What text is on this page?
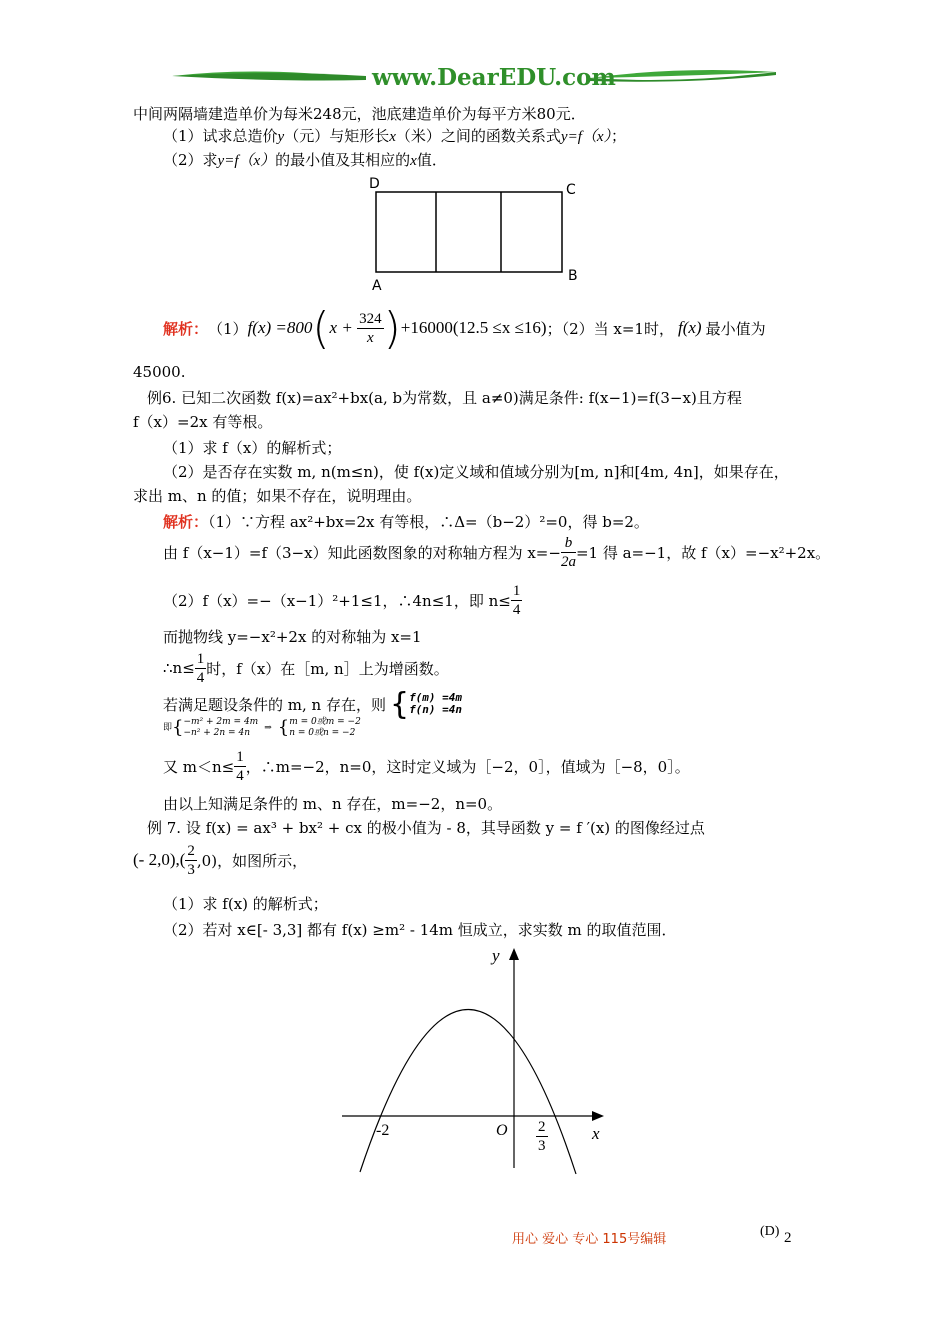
www.DearEDU.com
中间两隔墙建造单价为每米248元，池底建造单价为每平方米80元．
（1）试求总造价y（元）与矩形长x（米）之间的函数关系式y=f（x）；
（2）求y=f（x）的最小值及其相应的x值．
D	C
A
B
解析： （1） f(x) =800 ( $x + \frac{324}{x}$ ) +16000(12.5 ≤x ≤16) ；（2）当 x=1时， f(x) 最小值为
45000.
例6. 已知二次函数 f(x)=ax²+bx(a, b为常数，且 a≠0)满足条件: f(x−1)=f(3−x)且方程
f（x）=2x 有等根。
（1）求 f（x）的解析式；
（2）是否存在实数 m, n(m≤n)，使 f(x)定义域和值域分别为[m, n]和[4m, 4n]，如果存在，
求出 m、n 的值；如果不存在，说明理由。
解析：（1）∵方程 ax²+bx=2x 有等根，∴Δ=（b−2）²=0，得 b=2。
由 f（x−1）=f（3−x）知此函数图象的对称轴方程为 $x=- \frac{b}{2a} =1$ 得 a=−1，故 f（x）=−x²+2x。
（2）f（x）=−（x−1）²+1≤1，∴4n≤1，即 $n\le \frac{1}{4}$
而抛物线 y=−x²+2x 的对称轴为 x=1
∴n≤ $\frac{1}{4}$ 时，f（x）在［m, n］上为增函数。
若满足题设条件的 m, n 存在，则 { f(m) =4m
f(n) =4n
即 { −m² + 2m = 4m
−n² + 2n = 4n
⇒ { m = 0或m = −2
n = 0或n = −2
又 $m<n\le \frac{1}{4}$ ，∴m=−2，n=0，这时定义域为［−2，0］，值域为［−8，0］。
由以上知满足条件的 m、n 存在，m=−2，n=0。
例 7. 设 f(x) = ax³ + bx² + cx 的极小值为 - 8，其导函数 y = f ′(x) 的图像经过点
(- $2,0),( \frac{2}{3} ,0)$，如图所示，
（1）求 f(x) 的解析式；
（2）若对 x∈[- 3,3] 都有 f(x) ≥m² - 14m 恒成立，求实数 m 的取值范围．
y
x
-2	O $\frac{2}{3}$
用心 爱心 专心 115号编辑
(D) 2
